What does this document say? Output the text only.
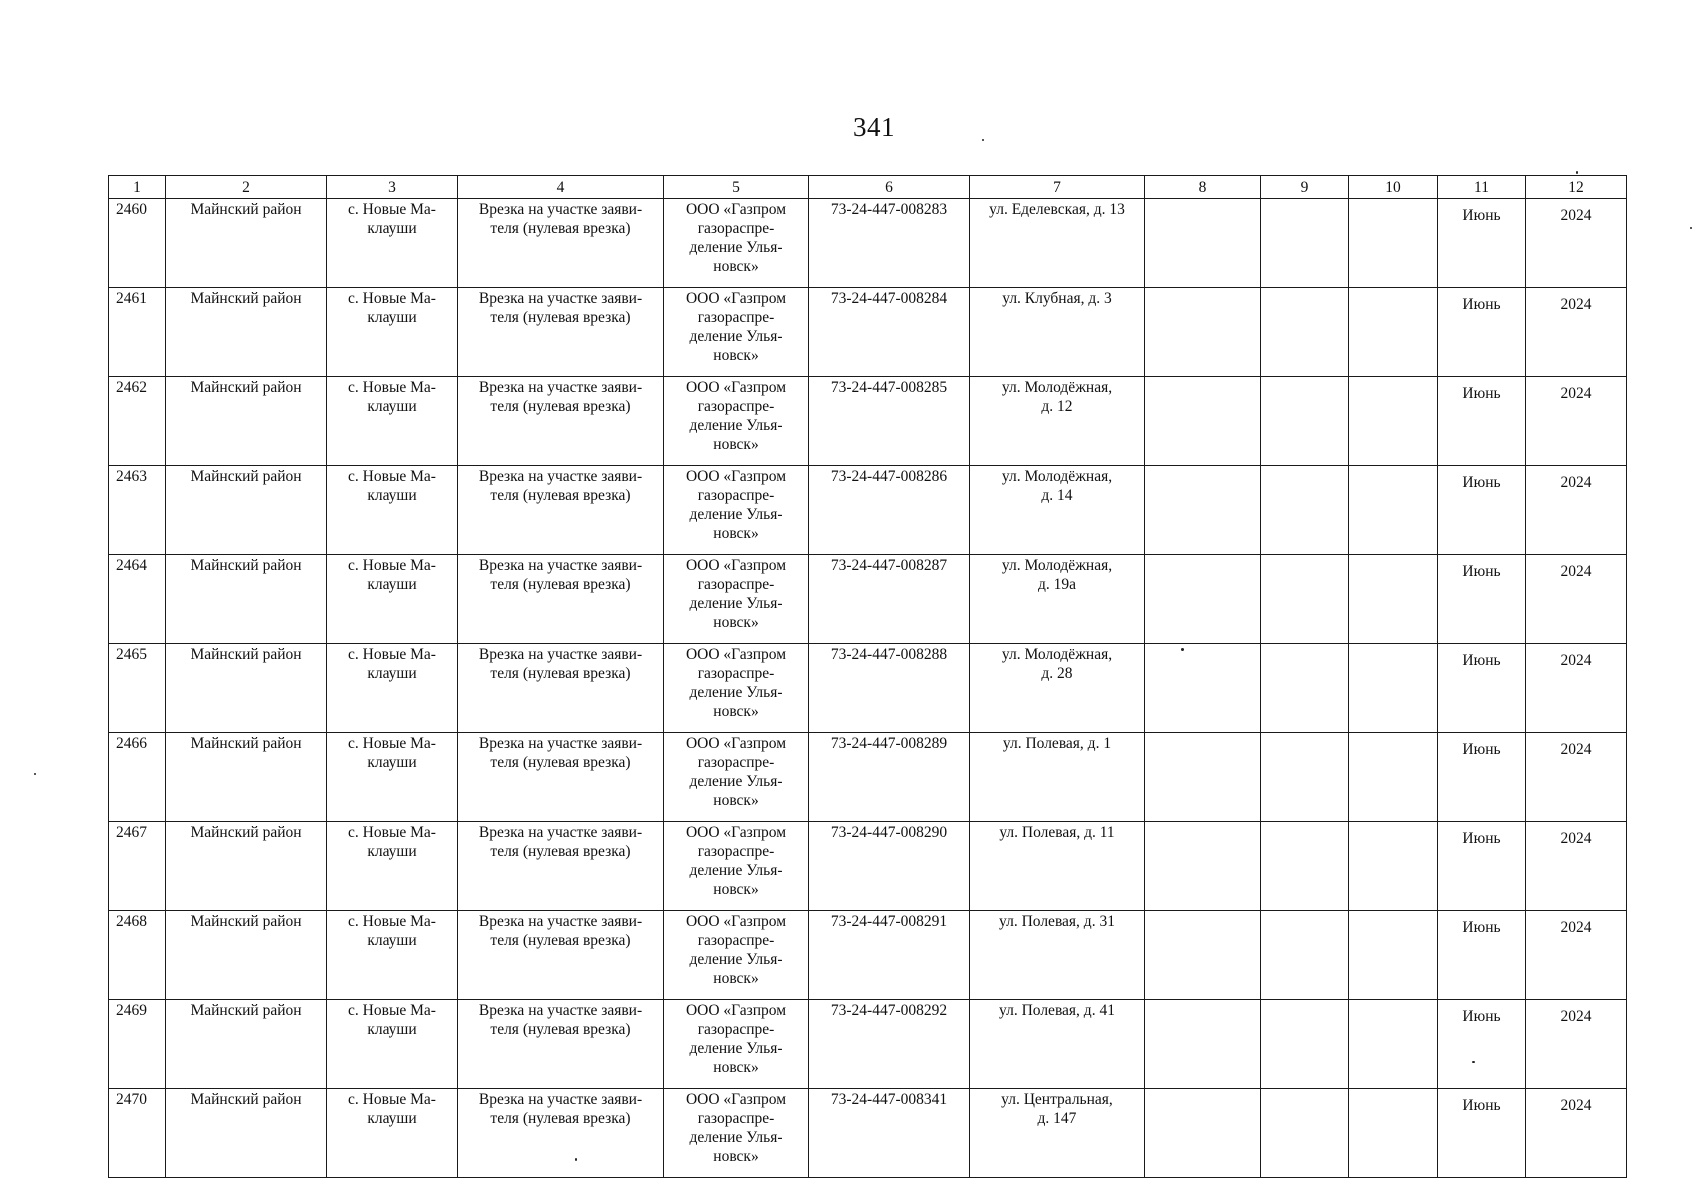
341
1	2	3	4	5	6	7	8	9	10	11	12
2460	Майнский район	с. Новые Ма-
клауши	Врезка на участке заяви-
теля (нулевая врезка)	ООО «Газпром
газораспре-
деление Улья-
новск»	73-24-447-008283	ул. Еделевская, д. 13				Июнь	2024
2461	Майнский район	с. Новые Ма-
клауши	Врезка на участке заяви-
теля (нулевая врезка)	ООО «Газпром
газораспре-
деление Улья-
новск»	73-24-447-008284	ул. Клубная, д. 3				Июнь	2024
2462	Майнский район	с. Новые Ма-
клауши	Врезка на участке заяви-
теля (нулевая врезка)	ООО «Газпром
газораспре-
деление Улья-
новск»	73-24-447-008285	ул. Молодёжная,
д. 12				Июнь	2024
2463	Майнский район	с. Новые Ма-
клауши	Врезка на участке заяви-
теля (нулевая врезка)	ООО «Газпром
газораспре-
деление Улья-
новск»	73-24-447-008286	ул. Молодёжная,
д. 14				Июнь	2024
2464	Майнский район	с. Новые Ма-
клауши	Врезка на участке заяви-
теля (нулевая врезка)	ООО «Газпром
газораспре-
деление Улья-
новск»	73-24-447-008287	ул. Молодёжная,
д. 19а				Июнь	2024
2465	Майнский район	с. Новые Ма-
клауши	Врезка на участке заяви-
теля (нулевая врезка)	ООО «Газпром
газораспре-
деление Улья-
новск»	73-24-447-008288	ул. Молодёжная,
д. 28				Июнь	2024
2466	Майнский район	с. Новые Ма-
клауши	Врезка на участке заяви-
теля (нулевая врезка)	ООО «Газпром
газораспре-
деление Улья-
новск»	73-24-447-008289	ул. Полевая, д. 1				Июнь	2024
2467	Майнский район	с. Новые Ма-
клауши	Врезка на участке заяви-
теля (нулевая врезка)	ООО «Газпром
газораспре-
деление Улья-
новск»	73-24-447-008290	ул. Полевая, д. 11				Июнь	2024
2468	Майнский район	с. Новые Ма-
клауши	Врезка на участке заяви-
теля (нулевая врезка)	ООО «Газпром
газораспре-
деление Улья-
новск»	73-24-447-008291	ул. Полевая, д. 31				Июнь	2024
2469	Майнский район	с. Новые Ма-
клауши	Врезка на участке заяви-
теля (нулевая врезка)	ООО «Газпром
газораспре-
деление Улья-
новск»	73-24-447-008292	ул. Полевая, д. 41				Июнь	2024
2470	Майнский район	с. Новые Ма-
клауши	Врезка на участке заяви-
теля (нулевая врезка)	ООО «Газпром
газораспре-
деление Улья-
новск»	73-24-447-008341	ул. Центральная,
д. 147				Июнь	2024
